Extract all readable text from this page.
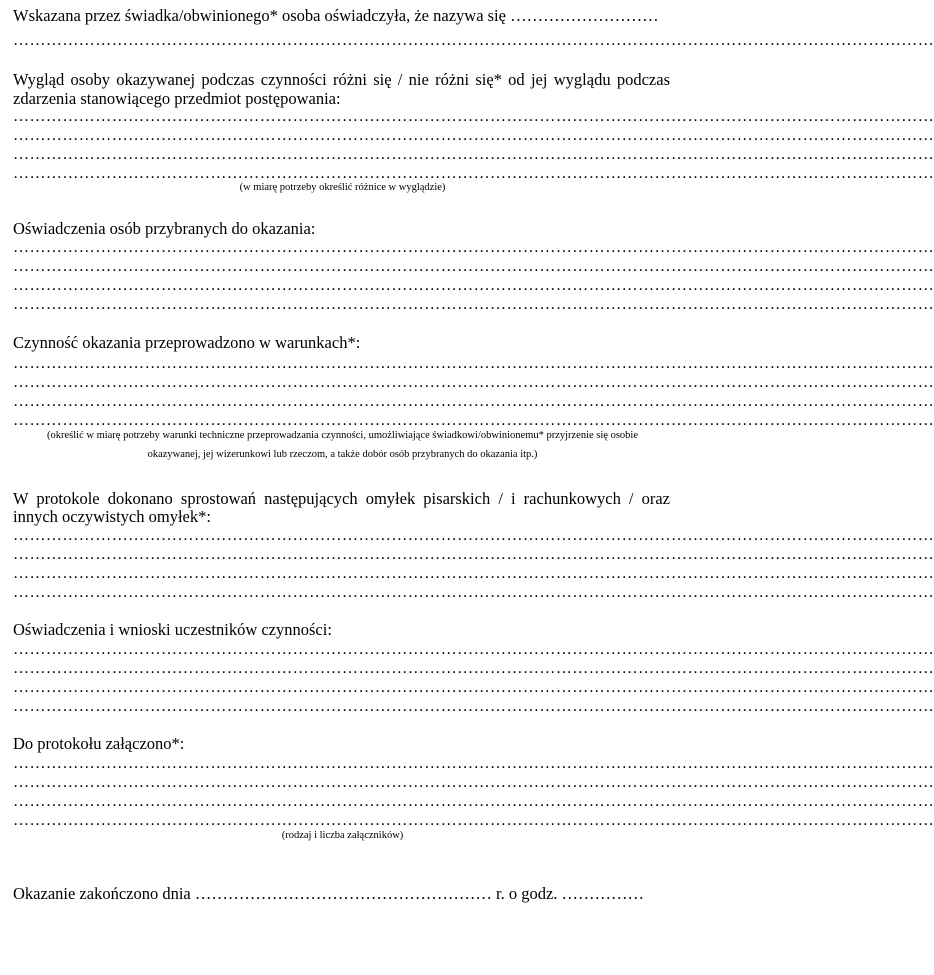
Wskazana przez świadka/obwinionego* osoba oświadczyła, że nazywa się ………………………
……………………………………………………………………………………………………………………………………………………
Wygląd osoby okazywanej podczas czynności różni się / nie różni się* od jej wyglądu podczas
zdarzenia stanowiącego przedmiot postępowania:
……………………………………………………………………………………………………………………………………………………
……………………………………………………………………………………………………………………………………………………
……………………………………………………………………………………………………………………………………………………
……………………………………………………………………………………………………………………………………………………
(w miarę potrzeby określić różnice w wyglądzie)
Oświadczenia osób przybranych do okazania:
……………………………………………………………………………………………………………………………………………………
……………………………………………………………………………………………………………………………………………………
……………………………………………………………………………………………………………………………………………………
……………………………………………………………………………………………………………………………………………………
Czynność okazania przeprowadzono w warunkach*:
……………………………………………………………………………………………………………………………………………………
……………………………………………………………………………………………………………………………………………………
……………………………………………………………………………………………………………………………………………………
……………………………………………………………………………………………………………………………………………………
(określić w miarę potrzeby warunki techniczne przeprowadzania czynności, umożliwiające świadkowi/obwinionemu* przyjrzenie się osobie
okazywanej, jej wizerunkowi lub rzeczom, a także dobór osób przybranych do okazania itp.)
W protokole dokonano sprostowań następujących omyłek pisarskich / i rachunkowych / oraz
innych oczywistych omyłek*:
……………………………………………………………………………………………………………………………………………………
……………………………………………………………………………………………………………………………………………………
……………………………………………………………………………………………………………………………………………………
……………………………………………………………………………………………………………………………………………………
Oświadczenia i wnioski uczestników czynności:
……………………………………………………………………………………………………………………………………………………
……………………………………………………………………………………………………………………………………………………
……………………………………………………………………………………………………………………………………………………
……………………………………………………………………………………………………………………………………………………
Do protokołu załączono*:
……………………………………………………………………………………………………………………………………………………
……………………………………………………………………………………………………………………………………………………
……………………………………………………………………………………………………………………………………………………
……………………………………………………………………………………………………………………………………………………
(rodzaj i liczba załączników)
Okazanie zakończono dnia ……………………………………………… r. o godz. ……………
